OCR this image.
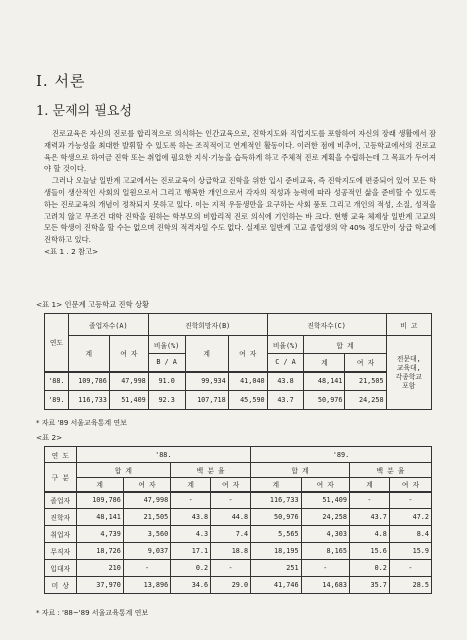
I. 서론
1. 문제의 필요성

진로교육은 자신의 진로를 합리적으로 의식하는 인간교육으로, 진학지도와 직업지도를 포함하여 자신의 장래 생활에서 잠재력과 가능성을 최대한 발휘할 수 있도록 하는 조직적이고 연계적인 활동이다. 이러한 점에 비추어, 고등학교에서의 진로교육은 학생으로 하여금 진학 또는 취업에 필요한 지식·기능을 습득하게 하고 주체적 진로 계획을 수립하는데 그 목표가 두어져야 할 것이다.

그러나 오늘날 일반계 고교에서는 진로교육이 상급학교 진학을 위한 입시 준비교육, 즉 진학지도에 편중되어 있어 모든 학생들이 생산적인 사회의 일원으로서 그리고 행복한 개인으로서 각자의 적성과 능력에 따라 성공적인 삶을 준비할 수 있도록 하는 진로교육의 개념이 정착되지 못하고 있다. 이는 지적 우등생만을 요구하는 사회 풍토 그리고 개인의 적성, 소질, 성적을 고려치 않고 무조건 대학 진학을 원하는 학부모의 비합리적 진로 의식에 기인하는 바 크다. 현행 교육 체제상 일반계 고교의 모든 학생이 진학을 할 수는 없으며 진학의 적격자일 수도 없다. 실제로 일반계 고교 졸업생의 약 40% 정도만이 상급 학교에 진학하고 있다.

<표 1 . 2 참고>

<표 1> 인문계 고등학교 진학 상황
연도	졸업자수(A)		진학희망자(B)			진학자수(C)			비 고
	계	여 자	비율(%)	계	여 자	비율(%)	합 계		전문대,
교육대,
각종학교
포함

			B / A			C / A	계	여 자	
'88.	109,786	47,998	91.0	99,934	41,040	43.8	48,141	21,505	
'89.	116,733	51,409	92.3	107,718	45,590	43.7	50,976	24,258	
* 자료 '89 서울교육통계 연보
<표 2>
연 도	'88.				'89.			
구 분	합 계		백 분 율		합 계		백 분 율	
	계	여 자	계	여 자	계	여 자	계	여 자
졸업자	109,786	47,998	-	-	116,733	51,409	-	-
진학자	48,141	21,505	43.8	44.8	50,976	24,258	43.7	47.2
취업자	4,739	3,560	4.3	7.4	5,565	4,303	4.8	8.4
무직자	18,726	9,037	17.1	18.8	18,195	8,165	15.6	15.9
입대자	210	-	0.2	-	251	-	0.2	-
미 상	37,970	13,896	34.6	29.0	41,746	14,683	35.7	28.5
* 자료 : '88~'89 서울교육통계 연보
